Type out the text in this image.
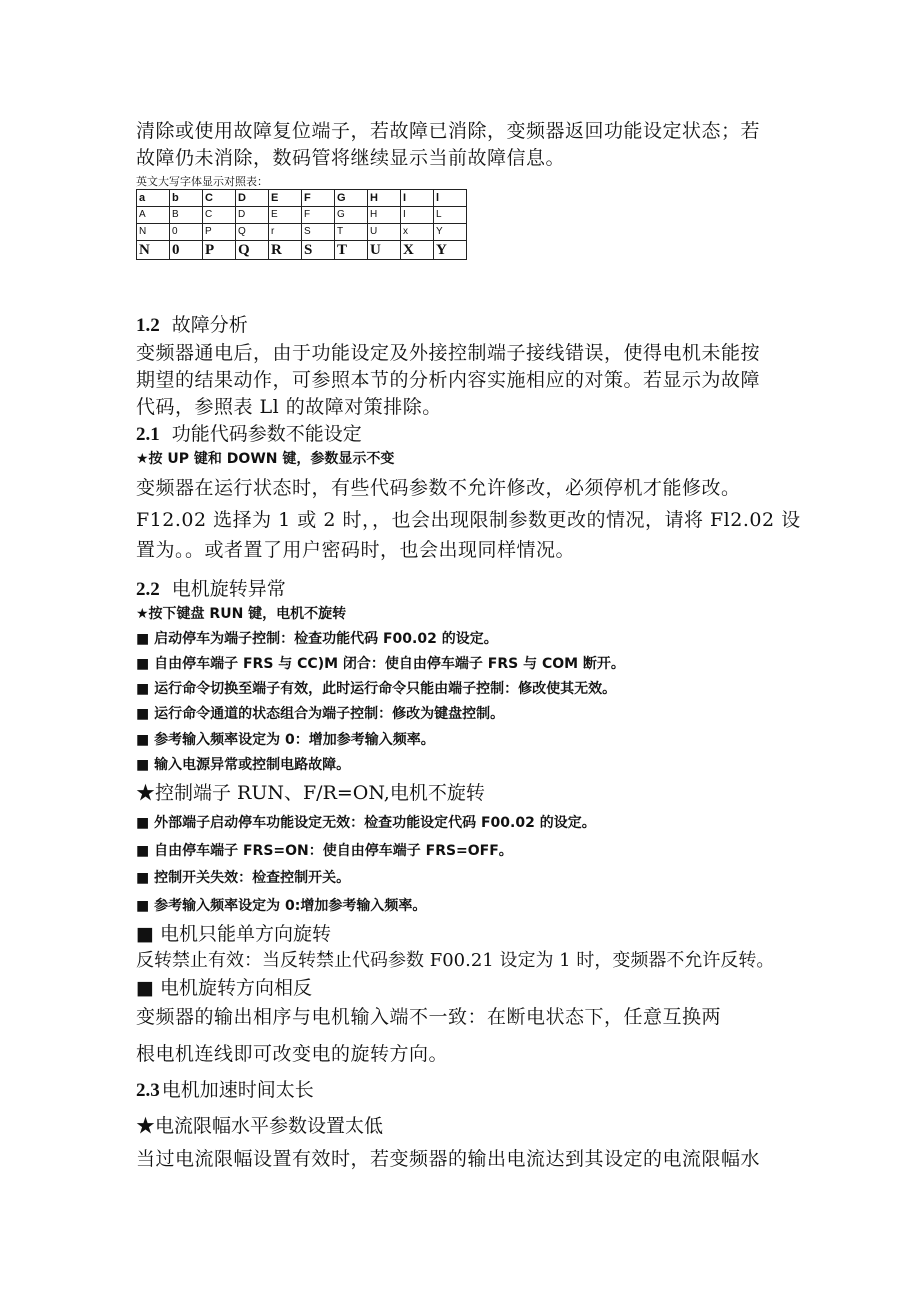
清除或使用故障复位端子，若故障已消除，变频器返回功能设定状态；若
故障仍未消除，数码管将继续显示当前故障信息。
英文大写字体显示对照表：
a	b	C	D	E	F	G	H	I	l
A	B	C	D	E	F	G	H	I	L
N	0	P	Q	r	S	T	U	x	Y
N	0	P	Q	R	S	T	U	X	Y
1.2 故障分析
变频器通电后，由于功能设定及外接控制端子接线错误，使得电机未能按
期望的结果动作，可参照本节的分析内容实施相应的对策。若显示为故障
代码，参照表 Ll 的故障对策排除。
2.1 功能代码参数不能设定
★按 UP 键和 DOWN 键，参数显示不变
变频器在运行状态时，有些代码参数不允许修改，必须停机才能修改。
F12.02 选择为 1 或 2 时，，也会出现限制参数更改的情况，请将 Fl2.02 设
置为。。或者置了用户密码时，也会出现同样情况。
2.2 电机旋转异常
★按下键盘 RUN 键，电机不旋转
■ 启动停车为端子控制：检查功能代码 F00.02 的设定。
■ 自由停车端子 FRS 与 CC)M 闭合：使自由停车端子 FRS 与 COM 断开。
■ 运行命令切换至端子有效，此时运行命令只能由端子控制：修改使其无效。
■ 运行命令通道的状态组合为端子控制：修改为键盘控制。
■ 参考输入频率设定为 0：增加参考输入频率。
■ 输入电源异常或控制电路故障。
★控制端子 RUN、F/R=ON,电机不旋转
■ 外部端子启动停车功能设定无效：检查功能设定代码 F00.02 的设定。
■ 自由停车端子 FRS=ON：使自由停车端子 FRS=OFF。
■ 控制开关失效：检查控制开关。
■ 参考输入频率设定为 0:增加参考输入频率。
■ 电机只能单方向旋转
反转禁止有效：当反转禁止代码参数 F00.21 设定为 1 时，变频器不允许反转。
■ 电机旋转方向相反
变频器的输出相序与电机输入端不一致：在断电状态下，任意互换两
根电机连线即可改变电的旋转方向。
2.3 电机加速时间太长
★电流限幅水平参数设置太低
当过电流限幅设置有效时，若变频器的输出电流达到其设定的电流限幅水
